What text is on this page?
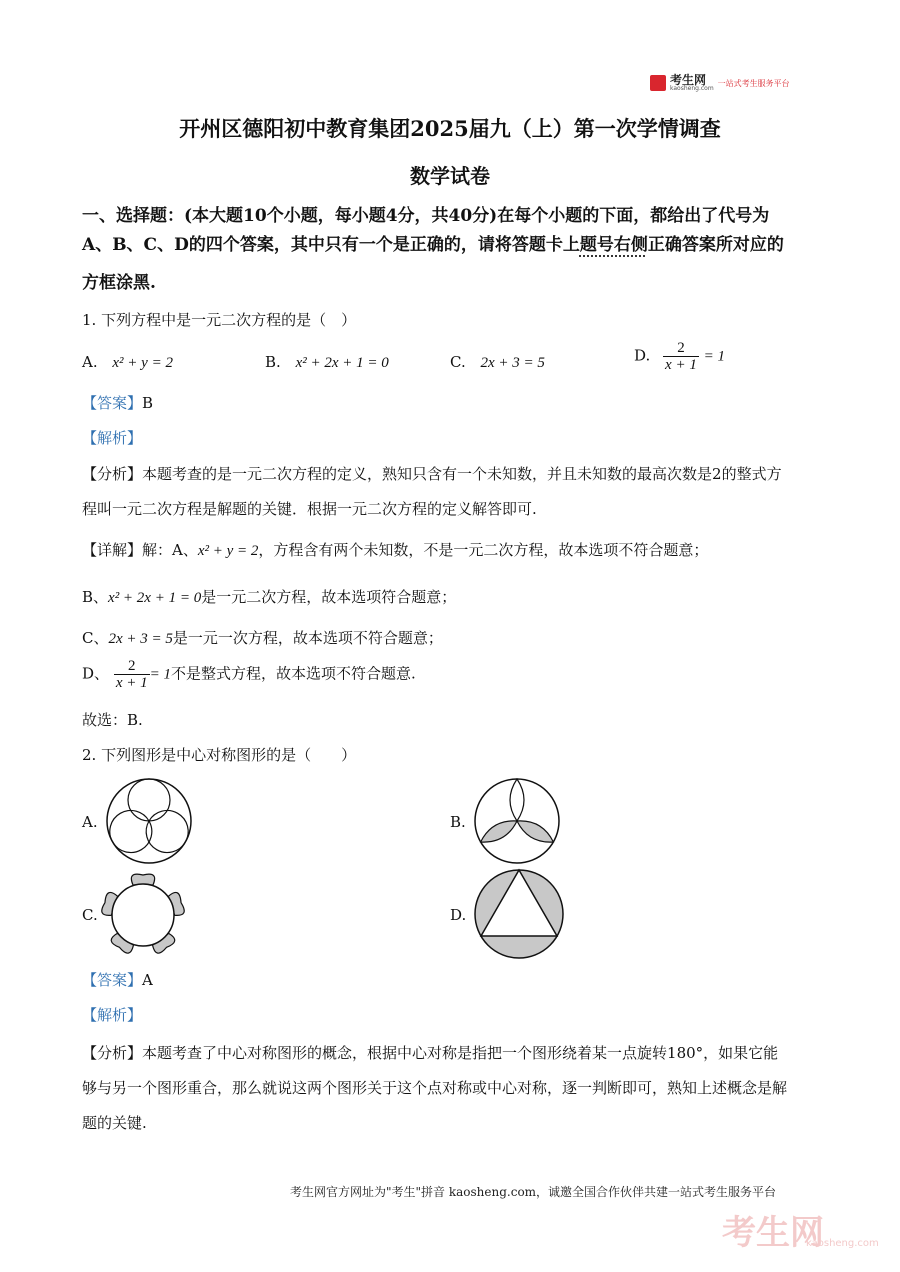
考生网
kaosheng.com
一站式考生服务平台
开州区德阳初中教育集团2025届九（上）第一次学情调查
数学试卷
一、选择题：(本大题10个小题，每小题4分，共40分)在每个小题的下面，都给出了代号为
A、B、C、D的四个答案，其中只有一个是正确的，请将答题卡上题号右侧正确答案所对应的
方框涂黑.
1. 下列方程中是一元二次方程的是（　）
A. x² + y = 2	B. x² + 2x + 1 = 0	C. 2x + 3 = 5	D. $\frac{2}{x + 1} = 1$
【答案】B
【解析】
【分析】本题考查的是一元二次方程的定义，熟知只含有一个未知数，并且未知数的最高次数是2的整式方
程叫一元二次方程是解题的关键．根据一元二次方程的定义解答即可.
【详解】解：A、x² + y = 2，方程含有两个未知数，不是一元二次方程，故本选项不符合题意；
B、x² + 2x + 1 = 0是一元二次方程，故本选项符合题意；
C、2x + 3 = 5是一元一次方程，故本选项不符合题意；
D、 $\frac{2}{x + 1} = 1$不是整式方程，故本选项不符合题意.
故选：B.
2. 下列图形是中心对称图形的是（　　）
A.	B.
C.	D.
【答案】A
【解析】
【分析】本题考查了中心对称图形的概念，根据中心对称是指把一个图形绕着某一点旋转180°，如果它能
够与另一个图形重合，那么就说这两个图形关于这个点对称或中心对称，逐一判断即可，熟知上述概念是解
题的关键.
考生网官方网址为"考生"拼音 kaosheng.com，诚邀全国合作伙伴共建一站式考生服务平台
考生网
kaosheng.com
